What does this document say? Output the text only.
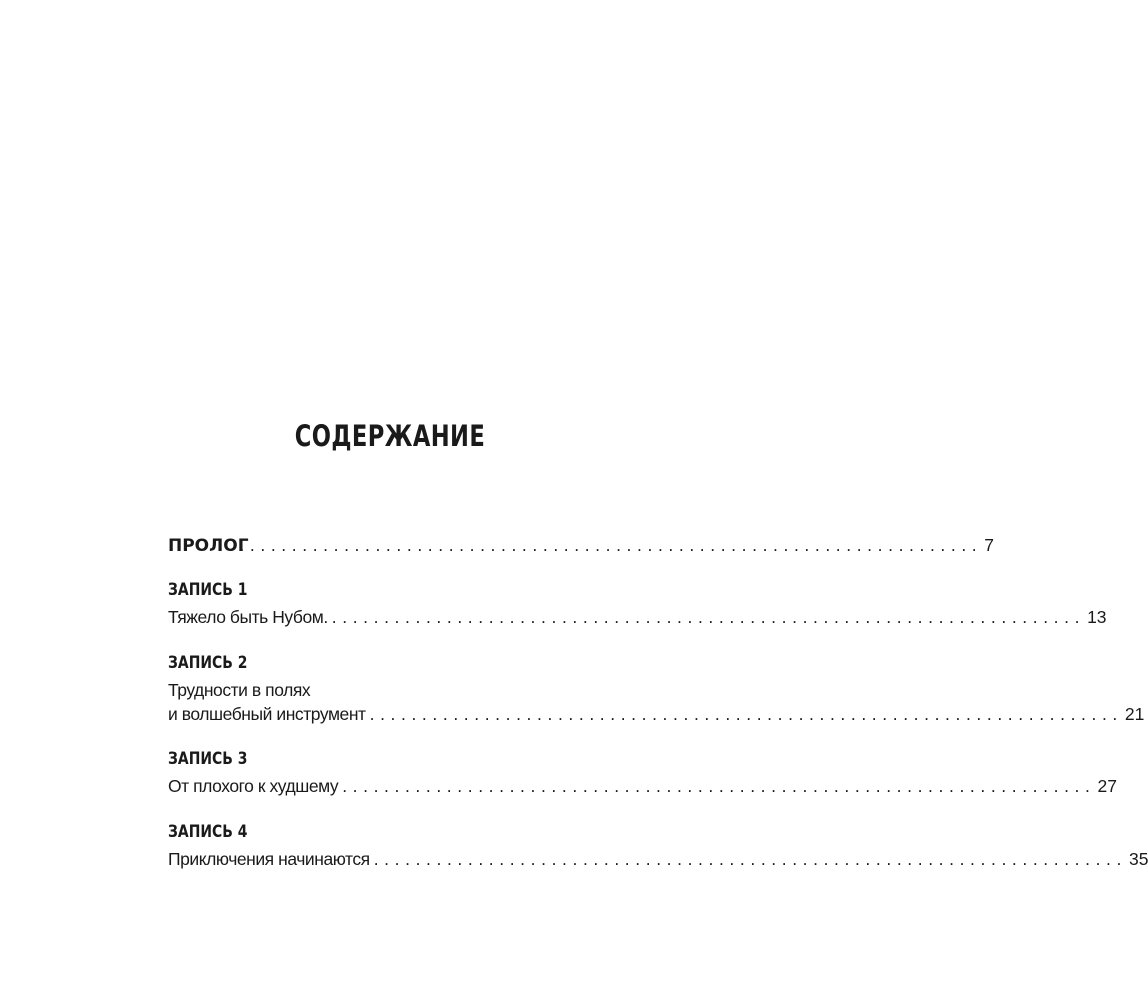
СОДЕРЖАНИЕ
ПРОЛОГ
........................................................................ 7
ЗАПИСЬ 1
Тяжело быть Нубом. ........................................................................ 13
ЗАПИСЬ 2
Трудности в полях
и волшебный инструмент ........................................................................ 21
ЗАПИСЬ 3
От плохого к худшему ........................................................................ 27
ЗАПИСЬ 4
Приключения начинаются ........................................................................ 35
